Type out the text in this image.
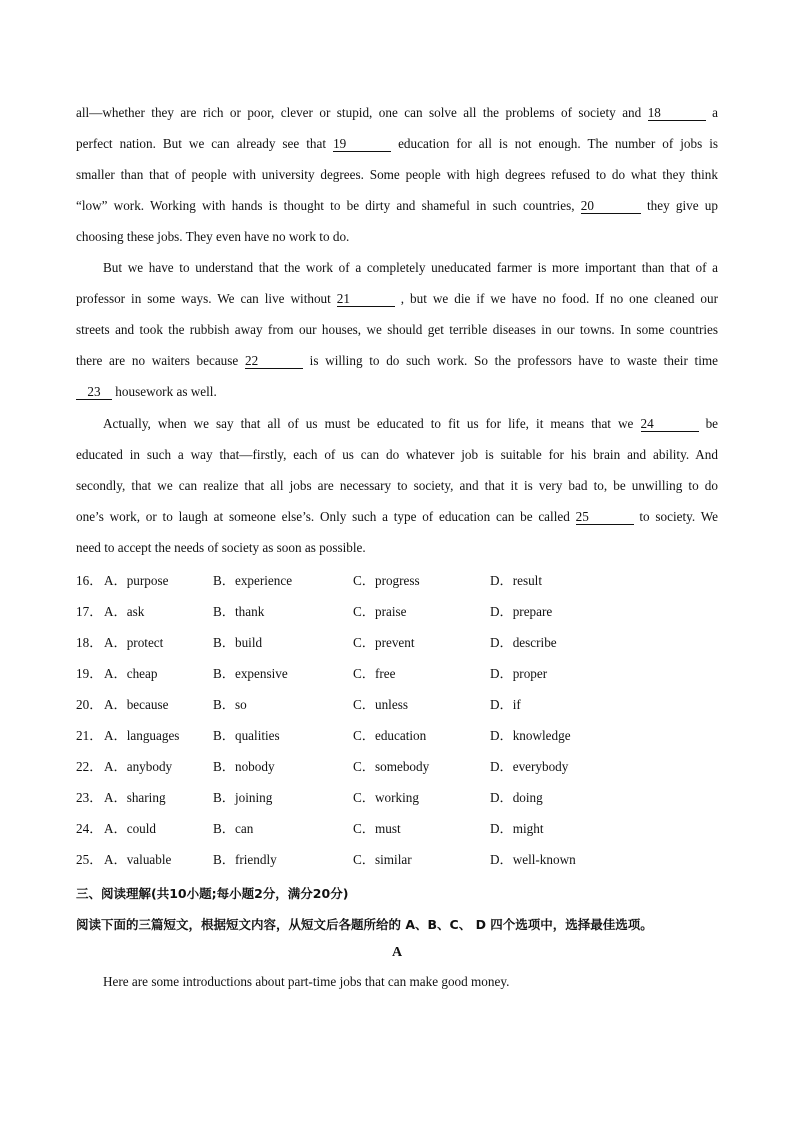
all—whether they are rich or poor, clever or stupid, one can solve all the problems of society and 18	a
perfect nation. But we can already see that 19	education for all is not enough. The number of jobs is
smaller than that of people with university degrees. Some people with high degrees refused to do what they think
“low” work. Working with hands is thought to be dirty and shameful in such countries, 20	they give up
choosing these jobs. They even have no work to do.
But we have to understand that the work of a completely uneducated farmer is more important than that of a
professor in some ways. We can live without 21	, but we die if we have no food. If no one cleaned our
streets and took the rubbish away from our houses, we should get terrible diseases in our towns. In some countries
there are no waiters because 22	is willing to do such work. So the professors have to waste their time
23 housework as well.
Actually, when we say that all of us must be educated to fit us for life, it means that we 24	be
educated in such a way that—firstly, each of us can do whatever job is suitable for his brain and ability. And
secondly, that we can realize that all jobs are necessary to society, and that it is very bad to, be unwilling to do
one’s work, or to laugh at someone else’s. Only such a type of education can be called 25	to society. We
need to accept the needs of society as soon as possible.
16． A．purpose	B．experience	C．progress	D．result
17． A．ask	B．thank	C．praise	D．prepare
18． A．protect	B．build	C．prevent	D．describe
19． A．cheap	B．expensive	C．free	D．proper
20． A．because	B．so	C．unless	D．if
21． A．languages	B．qualities	C．education	D．knowledge
22． A．anybody	B．nobody	C．somebody	D．everybody
23． A．sharing	B．joining	C．working	D．doing
24． A．could	B．can	C．must	D．might
25． A．valuable	B．friendly	C．similar	D．well-known
三、阅读理解(共10小题;每小题2分，满分20分)
阅读下面的三篇短文，根据短文内容，从短文后各题所给的 A、B、C、 D 四个选项中，选择最佳选项。
A
Here are some introductions about part-time jobs that can make good money.
